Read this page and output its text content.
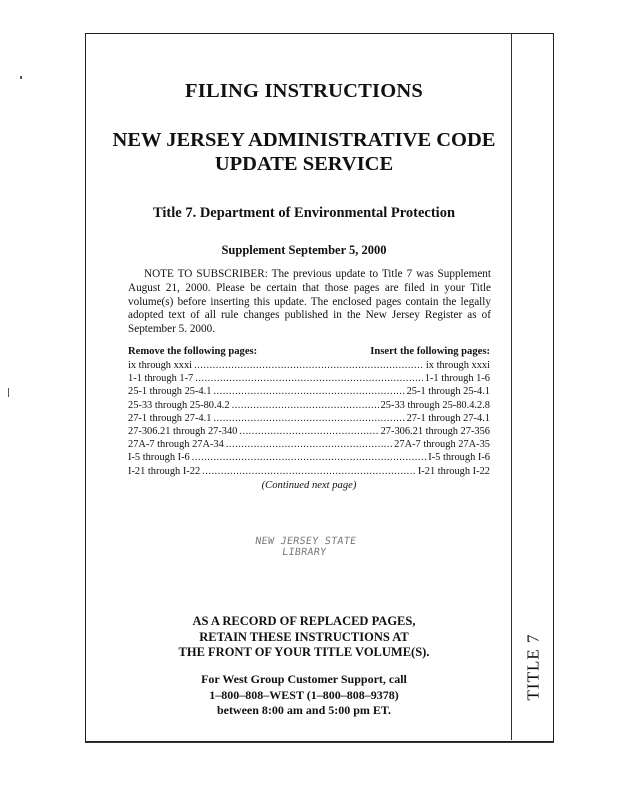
FILING INSTRUCTIONS
NEW JERSEY ADMINISTRATIVE CODE
UPDATE SERVICE
Title 7. Department of Environmental Protection
Supplement September 5, 2000

NOTE TO SUBSCRIBER: The previous update to Title 7 was Supplement August 21, 2000. Please be certain that those pages are filed in your Title volume(s) before inserting this update. The enclosed pages contain the legally adopted text of all rule changes published in the New Jersey Register as of September 5. 2000.

Remove the following pages:	Insert the following pages:
ix through xxxi .....	ix through xxxi
1-1 through 1-7 .....	1-1 through 1-6
25-1 through 25-4.1 .....	25-1 through 25-4.1
25-33 through 25-80.4.2 .....	25-33 through 25-80.4.2.8
27-1 through 27-4.1 .....	27-1 through 27-4.1
27-306.21 through 27-340 .....	27-306.21 through 27-356
27A-7 through 27A-34 .....	27A-7 through 27A-35
I-5 through I-6 .....	I-5 through I-6
I-21 through I-22 .....	I-21 through I-22
(Continued next page)
NEW JERSEY STATE LIBRARY
AS A RECORD OF REPLACED PAGES,
RETAIN THESE INSTRUCTIONS AT
THE FRONT OF YOUR TITLE VOLUME(S).
For West Group Customer Support, call
1–800–808–WEST (1–800–808–9378)
between 8:00 am and 5:00 pm ET.
TITLE 7
